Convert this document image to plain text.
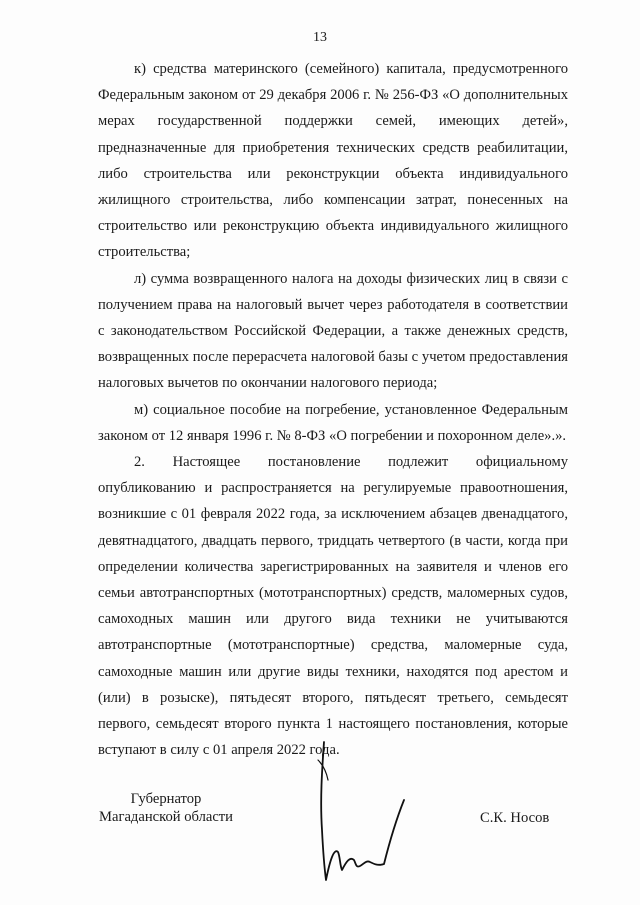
13

к) средства материнского (семейного) капитала, предусмотренного Федеральным законом от 29 декабря 2006 г. № 256-ФЗ «О дополнительных мерах государственной поддержки семей, имеющих детей», предназначенные для приобретения технических средств реабилитации, либо строительства или реконструкции объекта индивидуального жилищного строительства, либо компенсации затрат, понесенных на строительство или реконструкцию объекта индивидуального жилищного строительства;

л) сумма возвращенного налога на доходы физических лиц в связи с получением права на налоговый вычет через работодателя в соответствии с законодательством Российской Федерации, а также денежных средств, возвращенных после перерасчета налоговой базы с учетом предоставления налоговых вычетов по окончании налогового периода;

м) социальное пособие на погребение, установленное Федеральным законом от 12 января 1996 г. № 8-ФЗ «О погребении и похоронном деле».».

2. Настоящее постановление подлежит официальному опубликованию и распространяется на регулируемые правоотношения, возникшие с 01 февраля 2022 года, за исключением абзацев двенадцатого, девятнадцатого, двадцать первого, тридцать четвертого (в части, когда при определении количества зарегистрированных на заявителя и членов его семьи автотранспортных (мототранспортных) средств, маломерных судов, самоходных машин или другого вида техники не учитываются автотранспортные (мототранспортные) средства, маломерные суда, самоходные машин или другие виды техники, находятся под арестом и (или) в розыске), пятьдесят второго, пятьдесят третьего, семьдесят первого, семьдесят второго пункта 1 настоящего постановления, которые вступают в силу с 01 апреля 2022 года.

Губернатор
Магаданской области	С.К. Носов
